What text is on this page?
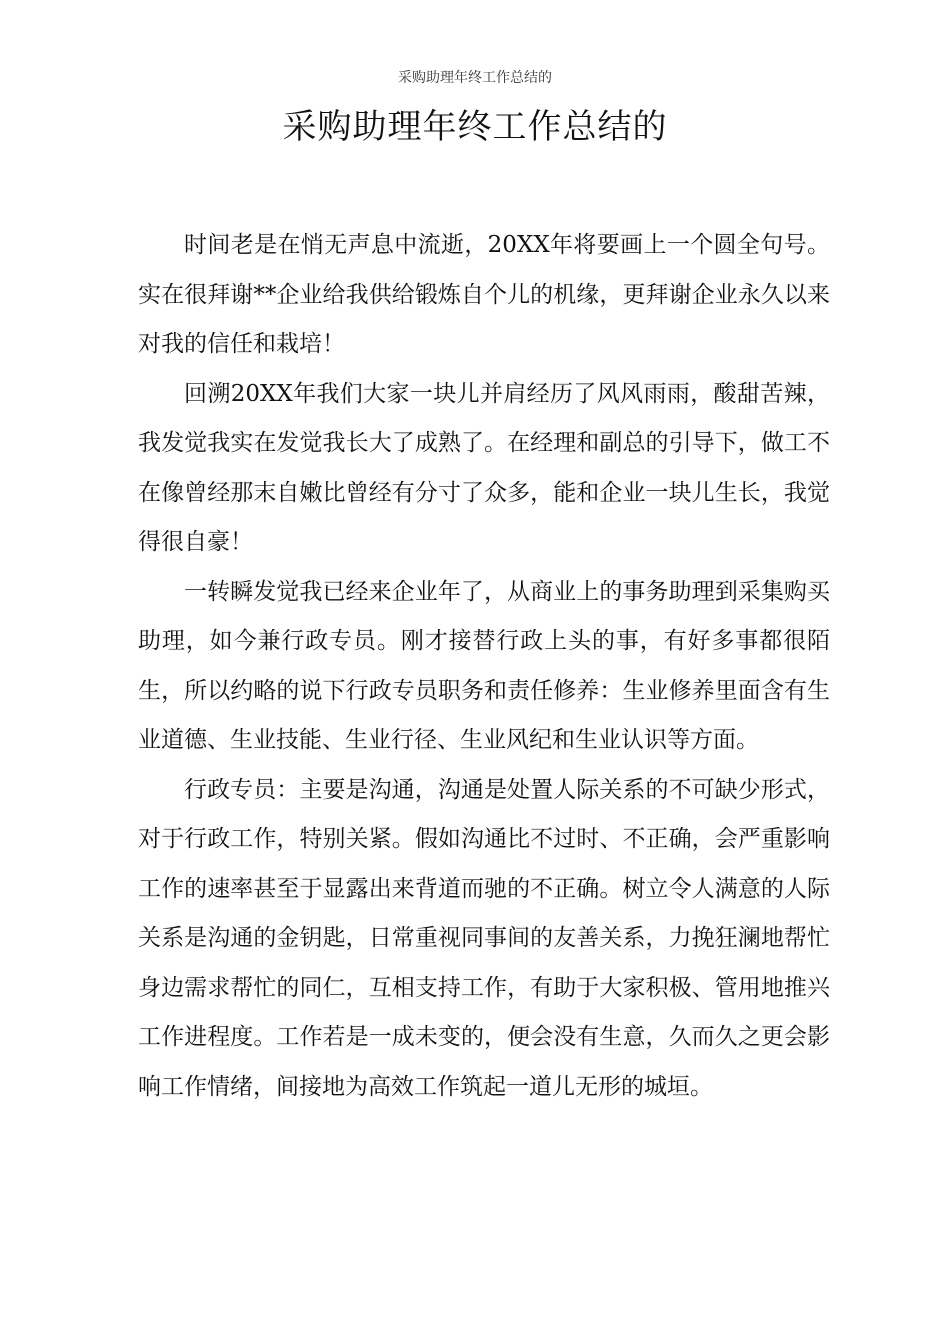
采购助理年终工作总结的
采购助理年终工作总结的

时间老是在悄无声息中流逝，20XX年将要画上一个圆全句号。实在很拜谢**企业给我供给锻炼自个儿的机缘，更拜谢企业永久以来对我的信任和栽培！

回溯20XX年我们大家一块儿并肩经历了风风雨雨，酸甜苦辣，我发觉我实在发觉我长大了成熟了。在经理和副总的引导下，做工不在像曾经那末自嫩比曾经有分寸了众多，能和企业一块儿生长，我觉得很自豪！

一转瞬发觉我已经来企业年了，从商业上的事务助理到采集购买助理，如今兼行政专员。刚才接替行政上头的事，有好多事都很陌生，所以约略的说下行政专员职务和责任修养：生业修养里面含有生业道德、生业技能、生业行径、生业风纪和生业认识等方面。

行政专员：主要是沟通，沟通是处置人际关系的不可缺少形式，对于行政工作，特别关紧。假如沟通比不过时、不正确，会严重影响工作的速率甚至于显露出来背道而驰的不正确。树立令人满意的人际关系是沟通的金钥匙，日常重视同事间的友善关系，力挽狂澜地帮忙身边需求帮忙的同仁，互相支持工作，有助于大家积极、管用地推兴工作进程度。工作若是一成未变的，便会没有生意，久而久之更会影响工作情绪，间接地为高效工作筑起一道儿无形的城垣。
